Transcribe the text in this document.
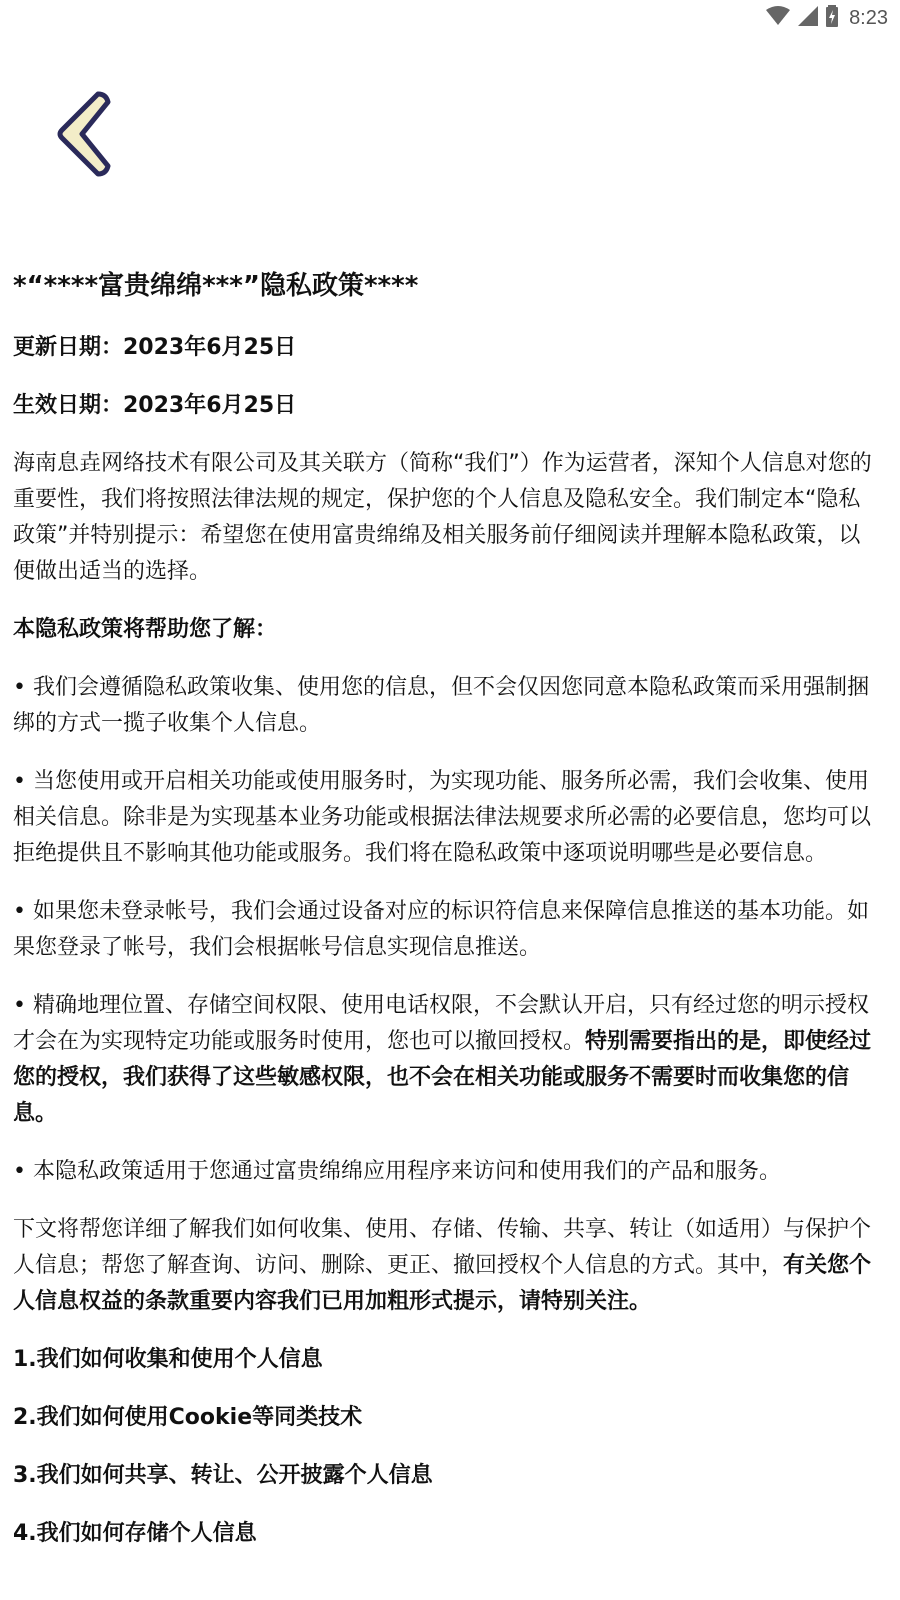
8:23
*“****富贵绵绵***”隐私政策****
更新日期：2023年6月25日
生效日期：2023年6月25日

海南息垚网络技术有限公司及其关联方（简称“我们”）作为运营者，深知个人信息对您的重要性，我们将按照法律法规的规定，保护您的个人信息及隐私安全。我们制定本“隐私政策”并特别提示：希望您在使用富贵绵绵及相关服务前仔细阅读并理解本隐私政策，以便做出适当的选择。

本隐私政策将帮助您了解：

• 我们会遵循隐私政策收集、使用您的信息，但不会仅因您同意本隐私政策而采用强制捆绑的方式一揽子收集个人信息。

• 当您使用或开启相关功能或使用服务时，为实现功能、服务所必需，我们会收集、使用相关信息。除非是为实现基本业务功能或根据法律法规要求所必需的必要信息，您均可以拒绝提供且不影响其他功能或服务。我们将在隐私政策中逐项说明哪些是必要信息。

• 如果您未登录帐号，我们会通过设备对应的标识符信息来保障信息推送的基本功能。如果您登录了帐号，我们会根据帐号信息实现信息推送。

• 精确地理位置、存储空间权限、使用电话权限，不会默认开启，只有经过您的明示授权才会在为实现特定功能或服务时使用，您也可以撤回授权。特别需要指出的是，即使经过您的授权，我们获得了这些敏感权限，也不会在相关功能或服务不需要时而收集您的信息。

• 本隐私政策适用于您通过富贵绵绵应用程序来访问和使用我们的产品和服务。

下文将帮您详细了解我们如何收集、使用、存储、传输、共享、转让（如适用）与保护个人信息；帮您了解查询、访问、删除、更正、撤回授权个人信息的方式。其中，有关您个人信息权益的条款重要内容我们已用加粗形式提示，请特别关注。

1.我们如何收集和使用个人信息
2.我们如何使用Cookie等同类技术
3.我们如何共享、转让、公开披露个人信息
4.我们如何存储个人信息
